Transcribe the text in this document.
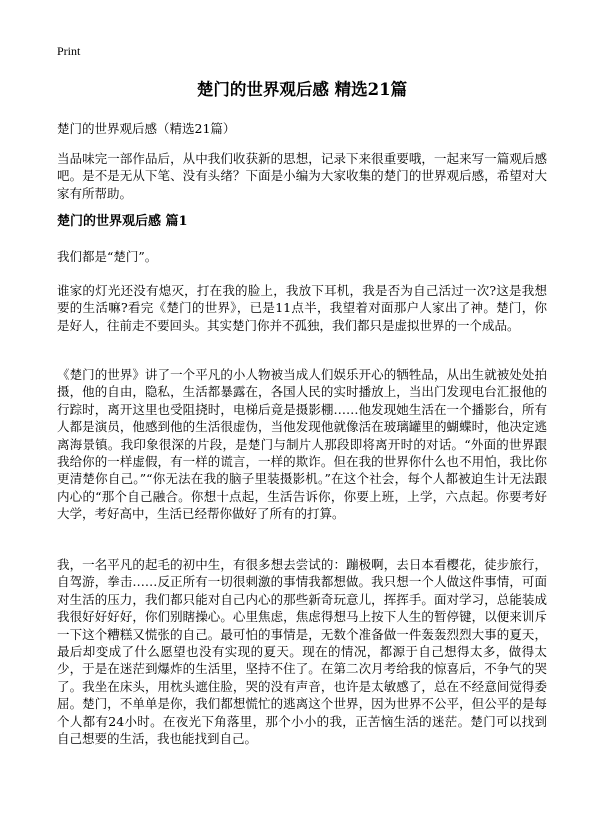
Print
楚门的世界观后感 精选21篇

楚门的世界观后感（精选21篇）

当品味完一部作品后，从中我们收获新的思想，记录下来很重要哦，一起来写一篇观后感吧。是不是无从下笔、没有头绪？下面是小编为大家收集的楚门的世界观后感，希望对大家有所帮助。

楚门的世界观后感 篇1

我们都是“楚门”。

谁家的灯光还没有熄灭，打在我的脸上，我放下耳机，我是否为自己活过一次?这是我想要的生活嘛?看完《楚门的世界》，已是11点半，我望着对面那户人家出了神。楚门，你是好人，往前走不要回头。其实楚门你并不孤独，我们都只是虚拟世界的一个成品。

《楚门的世界》讲了一个平凡的小人物被当成人们娱乐开心的牺牲品，从出生就被处处拍摄，他的自由，隐私，生活都暴露在，各国人民的实时播放上，当出门发现电台汇报他的行踪时，离开这里也受阻挠时，电梯后竟是摄影棚……他发现她生活在一个播影台，所有人都是演员，他感到他的生活很虚伪，当他发现他就像活在玻璃罐里的蝴蝶时，他决定逃离海景镇。我印象很深的片段，是楚门与制片人那段即将离开时的对话。“外面的世界跟我给你的一样虚假，有一样的谎言，一样的欺诈。但在我的世界你什么也不用怕，我比你更清楚你自己。”“你无法在我的脑子里装摄影机。”在这个社会，每个人都被迫生计无法跟内心的“那个自己融合。你想十点起，生活告诉你，你要上班，上学，六点起。你要考好大学，考好高中，生活已经帮你做好了所有的打算。

我，一名平凡的起毛的初中生，有很多想去尝试的：蹦极啊，去日本看樱花，徒步旅行，自驾游，拳击……反正所有一切很刺激的事情我都想做。我只想一个人做这件事情，可面对生活的压力，我们都只能对自己内心的那些新奇玩意儿，挥挥手。面对学习，总能装成我很好好好好，你们别瞎操心。心里焦虑，焦虑得想马上按下人生的暂停键，以便来训斥一下这个糟糕又慌张的自己。最可怕的事情是，无数个准备做一件轰轰烈烈大事的夏天，最后却变成了什么愿望也没有实现的夏天。现在的情况，都源于自己想得太多，做得太少，于是在迷茫到爆炸的生活里，坚持不住了。在第二次月考给我的惊喜后，不争气的哭了。我坐在床头，用枕头遮住脸，哭的没有声音，也许是太敏感了，总在不经意间觉得委屈。楚门，不单单是你，我们都想慌忙的逃离这个世界，因为世界不公平，但公平的是每个人都有24小时。在夜光下角落里，那个小小的我，正苦恼生活的迷茫。楚门可以找到自己想要的生活，我也能找到自己。
